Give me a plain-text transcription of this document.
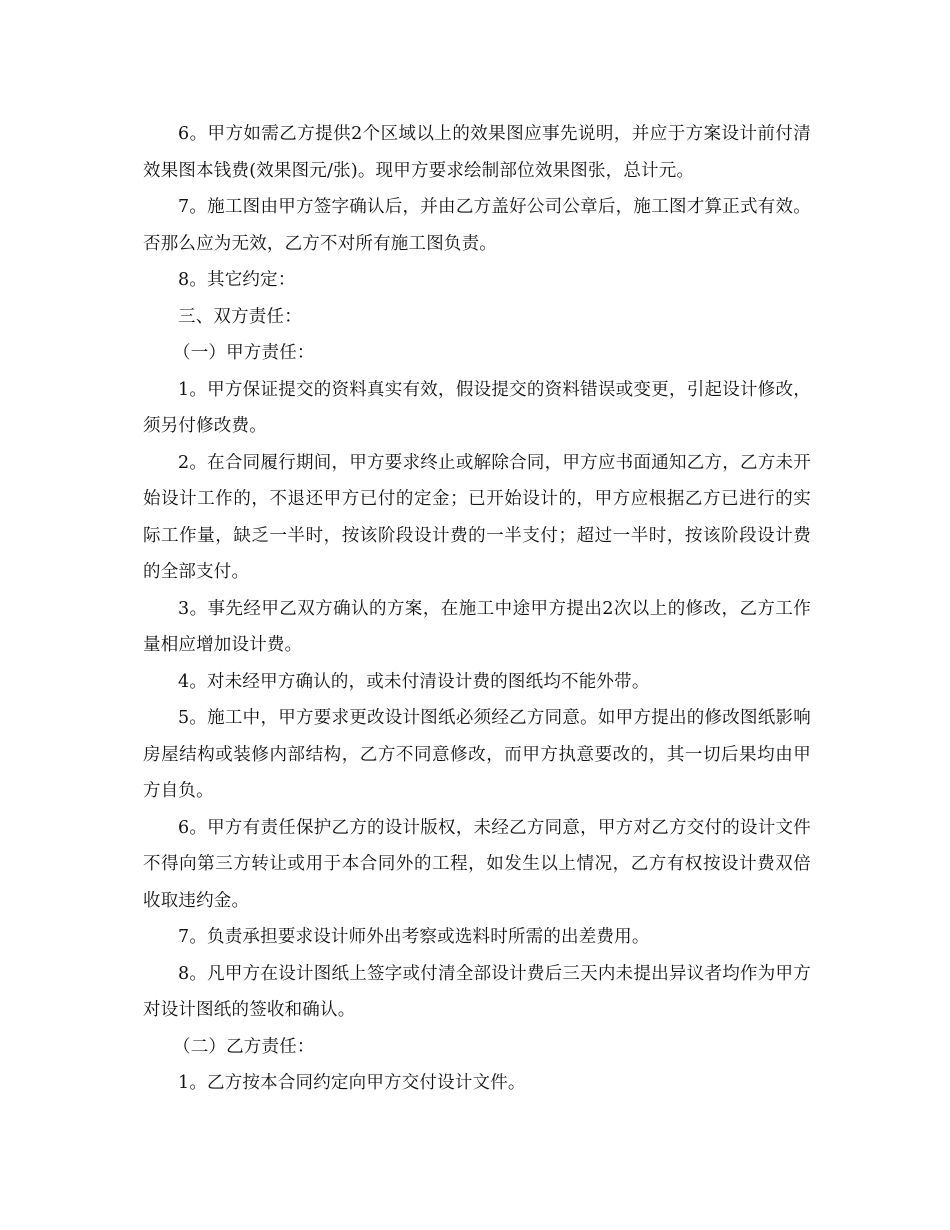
6。甲方如需乙方提供2个区域以上的效果图应事先说明，并应于方案设计前付清效果图本钱费(效果图元/张)。现甲方要求绘制部位效果图张，总计元。

7。施工图由甲方签字确认后，并由乙方盖好公司公章后，施工图才算正式有效。否那么应为无效，乙方不对所有施工图负责。

8。其它约定：

三、双方责任：

（一）甲方责任：

1。甲方保证提交的资料真实有效，假设提交的资料错误或变更，引起设计修改，须另付修改费。

2。在合同履行期间，甲方要求终止或解除合同，甲方应书面通知乙方，乙方未开始设计工作的，不退还甲方已付的定金；已开始设计的，甲方应根据乙方已进行的实际工作量，缺乏一半时，按该阶段设计费的一半支付；超过一半时，按该阶段设计费的全部支付。

3。事先经甲乙双方确认的方案，在施工中途甲方提出2次以上的修改，乙方工作量相应增加设计费。

4。对未经甲方确认的，或未付清设计费的图纸均不能外带。

5。施工中，甲方要求更改设计图纸必须经乙方同意。如甲方提出的修改图纸影响房屋结构或装修内部结构，乙方不同意修改，而甲方执意要改的，其一切后果均由甲方自负。

6。甲方有责任保护乙方的设计版权，未经乙方同意，甲方对乙方交付的设计文件不得向第三方转让或用于本合同外的工程，如发生以上情况，乙方有权按设计费双倍收取违约金。

7。负责承担要求设计师外出考察或选料时所需的出差费用。

8。凡甲方在设计图纸上签字或付清全部设计费后三天内未提出异议者均作为甲方对设计图纸的签收和确认。

（二）乙方责任：

1。乙方按本合同约定向甲方交付设计文件。
